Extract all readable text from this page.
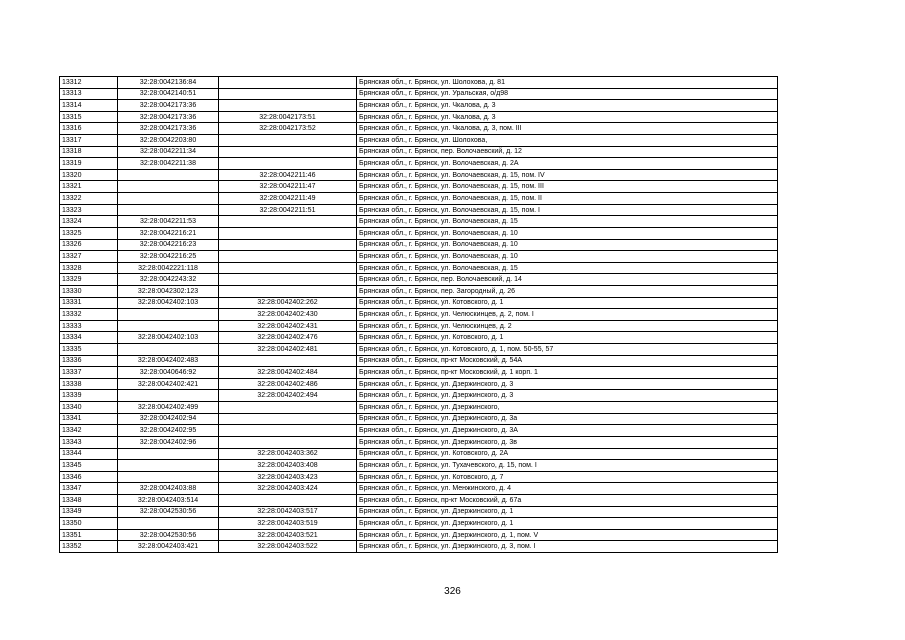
13312	32:28:0042136:84		Брянская обл., г. Брянск, ул. Шолохова, д. 81
13313	32:28:0042140:51		Брянская обл., г. Брянск, ул. Уральская, о/д98
13314	32:28:0042173:36		Брянская обл., г. Брянск, ул. Чкалова, д. 3
13315	32:28:0042173:36	32:28:0042173:51	Брянская обл., г. Брянск, ул. Чкалова, д. 3
13316	32:28:0042173:36	32:28:0042173:52	Брянская обл., г. Брянск, ул. Чкалова, д. 3, пом. III
13317	32:28:0042203:80		Брянская обл., г. Брянск, ул. Шолохова,
13318	32:28:0042211:34		Брянская обл., г. Брянск, пер. Волочаевский, д. 12
13319	32:28:0042211:38		Брянская обл., г. Брянск, ул. Волочаевская, д. 2А
13320		32:28:0042211:46	Брянская обл., г. Брянск, ул. Волочаевская, д. 15, пом. IV
13321		32:28:0042211:47	Брянская обл., г. Брянск, ул. Волочаевская, д. 15, пом. III
13322		32:28:0042211:49	Брянская обл., г. Брянск, ул. Волочаевская, д. 15, пом. II
13323		32:28:0042211:51	Брянская обл., г. Брянск, ул. Волочаевская, д. 15, пом. I
13324	32:28:0042211:53		Брянская обл., г. Брянск, ул. Волочаевская, д. 15
13325	32:28:0042216:21		Брянская обл., г. Брянск, ул. Волочаевская, д. 10
13326	32:28:0042216:23		Брянская обл., г. Брянск, ул. Волочаевская, д. 10
13327	32:28:0042216:25		Брянская обл., г. Брянск, ул. Волочаевская, д. 10
13328	32:28:0042221:118		Брянская обл., г. Брянск, ул. Волочаевская, д. 15
13329	32:28:0042243:32		Брянская обл., г. Брянск, пер. Волочаевский, д. 14
13330	32:28:0042302:123		Брянская обл., г. Брянск, пер. Загородный, д. 26
13331	32:28:0042402:103	32:28:0042402:262	Брянская обл., г. Брянск, ул. Котовского, д. 1
13332		32:28:0042402:430	Брянская обл., г. Брянск, ул. Челюскинцев, д. 2, пом. I
13333		32:28:0042402:431	Брянская обл., г. Брянск, ул. Челюскинцев, д. 2
13334	32:28:0042402:103	32:28:0042402:476	Брянская обл., г. Брянск, ул. Котовского, д. 1
13335		32:28:0042402:481	Брянская обл., г. Брянск, ул. Котовского, д. 1, пом. 50-55, 57
13336	32:28:0042402:483		Брянская обл., г. Брянск, пр-кт Московский, д. 54А
13337	32:28:0040646:92	32:28:0042402:484	Брянская обл., г. Брянск, пр-кт Московский, д. 1 корп. 1
13338	32:28:0042402:421	32:28:0042402:486	Брянская обл., г. Брянск, ул. Дзержинского, д. 3
13339		32:28:0042402:494	Брянская обл., г. Брянск, ул. Дзержинского, д. 3
13340	32:28:0042402:499		Брянская обл., г. Брянск, ул. Дзержинского,
13341	32:28:0042402:94		Брянская обл., г. Брянск, ул. Дзержинского, д. 3а
13342	32:28:0042402:95		Брянская обл., г. Брянск, ул. Дзержинского, д. 3А
13343	32:28:0042402:96		Брянская обл., г. Брянск, ул. Дзержинского, д. 3в
13344		32:28:0042403:362	Брянская обл., г. Брянск, ул. Котовского, д. 2А
13345		32:28:0042403:408	Брянская обл., г. Брянск, ул. Тухачевского, д. 15, пом. I
13346		32:28:0042403:423	Брянская обл., г. Брянск, ул. Котовского, д. 7
13347	32:28:0042403:88	32:28:0042403:424	Брянская обл., г. Брянск, ул. Менжинского, д. 4
13348	32:28:0042403:514		Брянская обл., г. Брянск, пр-кт Московский, д. 67а
13349	32:28:0042530:56	32:28:0042403:517	Брянская обл., г. Брянск, ул. Дзержинского, д. 1
13350		32:28:0042403:519	Брянская обл., г. Брянск, ул. Дзержинского, д. 1
13351	32:28:0042530:56	32:28:0042403:521	Брянская обл., г. Брянск, ул. Дзержинского, д. 1, пом. V
13352	32:28:0042403:421	32:28:0042403:522	Брянская обл., г. Брянск, ул. Дзержинского, д. 3, пом. I
326
